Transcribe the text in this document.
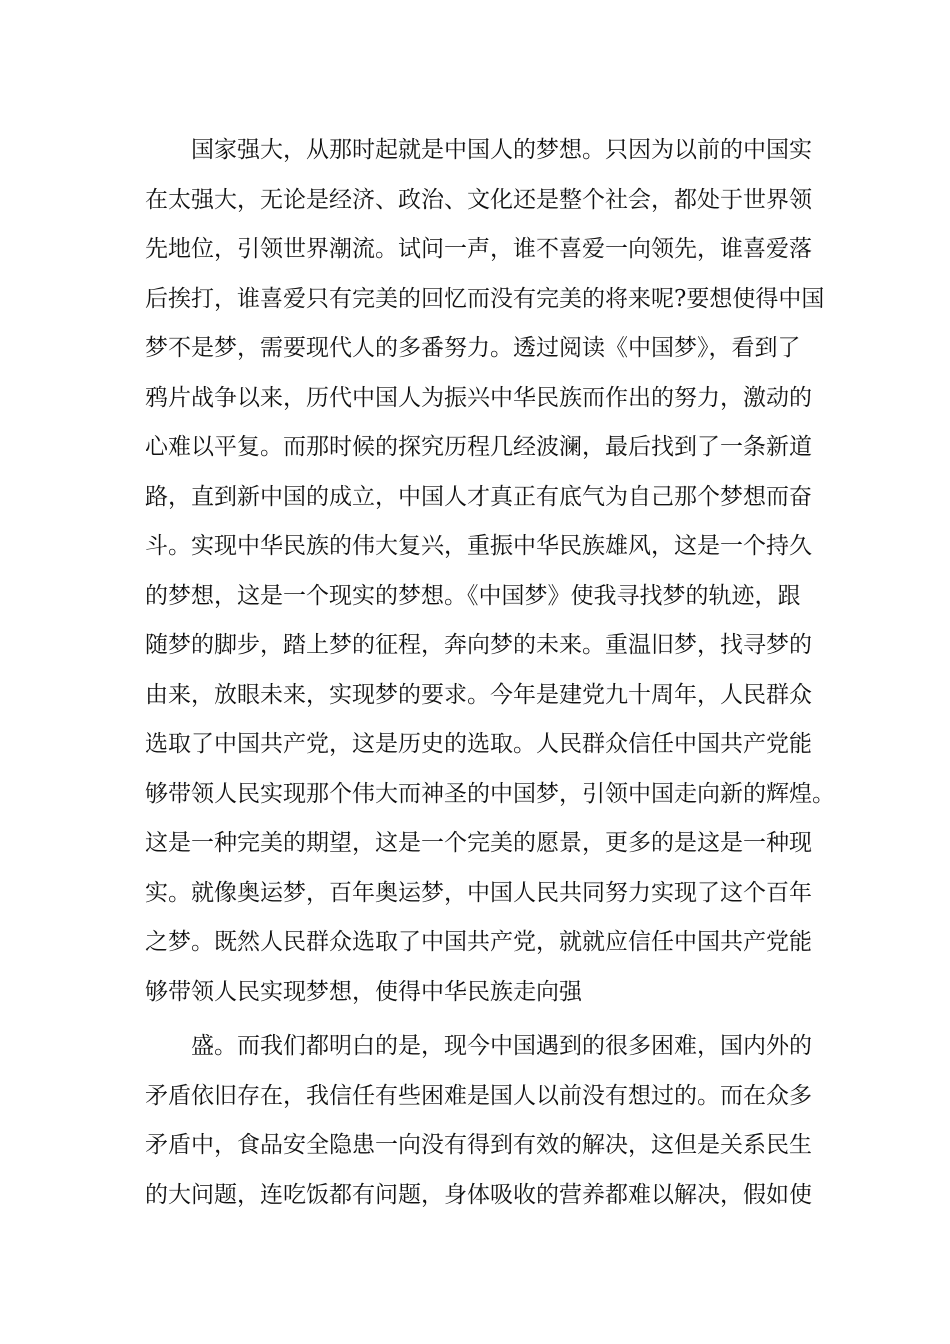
国家强大，从那时起就是中国人的梦想。只因为以前的中国实
在太强大，无论是经济、政治、文化还是整个社会，都处于世界领
先地位，引领世界潮流。试问一声，谁不喜爱一向领先，谁喜爱落
后挨打，谁喜爱只有完美的回忆而没有完美的将来呢?要想使得中国
梦不是梦，需要现代人的多番努力。透过阅读《中国梦》，看到了
鸦片战争以来，历代中国人为振兴中华民族而作出的努力，激动的
心难以平复。而那时候的探究历程几经波澜，最后找到了一条新道
路，直到新中国的成立，中国人才真正有底气为自己那个梦想而奋
斗。实现中华民族的伟大复兴，重振中华民族雄风，这是一个持久
的梦想，这是一个现实的梦想。《中国梦》使我寻找梦的轨迹，跟
随梦的脚步，踏上梦的征程，奔向梦的未来。重温旧梦，找寻梦的
由来，放眼未来，实现梦的要求。今年是建党九十周年，人民群众
选取了中国共产党，这是历史的选取。人民群众信任中国共产党能
够带领人民实现那个伟大而神圣的中国梦，引领中国走向新的辉煌。
这是一种完美的期望，这是一个完美的愿景，更多的是这是一种现
实。就像奥运梦，百年奥运梦，中国人民共同努力实现了这个百年
之梦。既然人民群众选取了中国共产党，就就应信任中国共产党能
够带领人民实现梦想，使得中华民族走向强
盛。而我们都明白的是，现今中国遇到的很多困难，国内外的
矛盾依旧存在，我信任有些困难是国人以前没有想过的。而在众多
矛盾中，食品安全隐患一向没有得到有效的解决，这但是关系民生
的大问题，连吃饭都有问题，身体吸收的营养都难以解决，假如使
